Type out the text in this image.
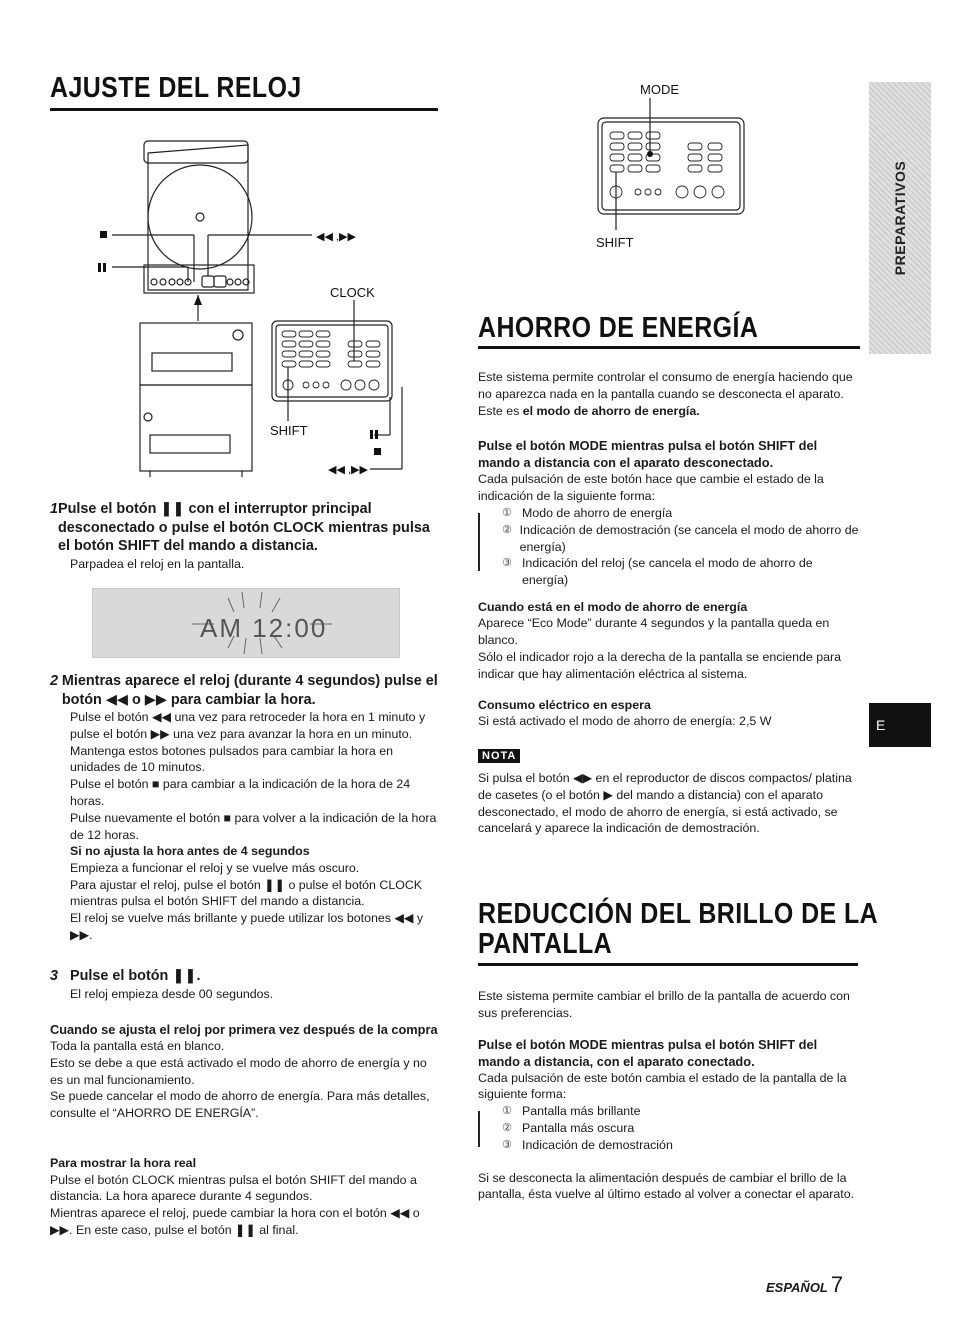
PREPARATIVOS
E
AJUSTE DEL RELOJ
◀◀ ,▶▶
CLOCK
SHIFT
◀◀ ,▶▶

1 Pulse el botón ❚❚ con el interruptor principal desconectado o pulse el botón CLOCK mientras pulsa el botón SHIFT del mando a distancia.

Parpadea el reloj en la pantalla.

AM 12:00

2 Mientras aparece el reloj (durante 4 segundos) pulse el botón ◀◀ o ▶▶ para cambiar la hora.

Pulse el botón ◀◀ una vez para retroceder la hora en 1 minuto y pulse el botón ▶▶ una vez para avanzar la hora en un minuto.

Mantenga estos botones pulsados para cambiar la hora en unidades de 10 minutos.

Pulse el botón ■ para cambiar a la indicación de la hora de 24 horas.

Pulse nuevamente el botón ■ para volver a la indicación de la hora de 12 horas.

Si no ajusta la hora antes de 4 segundos

Empieza a funcionar el reloj y se vuelve más oscuro.

Para ajustar el reloj, pulse el botón ❚❚ o pulse el botón CLOCK mientras pulsa el botón SHIFT del mando a distancia.

El reloj se vuelve más brillante y puede utilizar los botones ◀◀ y ▶▶.

3 Pulse el botón ❚❚.

El reloj empieza desde 00 segundos.

Cuando se ajusta el reloj por primera vez después de la compra

Toda la pantalla está en blanco.

Esto se debe a que está activado el modo de ahorro de energía y no es un mal funcionamiento.

Se puede cancelar el modo de ahorro de energía. Para más detalles, consulte el “AHORRO DE ENERGÍA”.

Para mostrar la hora real

Pulse el botón CLOCK mientras pulsa el botón SHIFT del mando a distancia. La hora aparece durante 4 segundos.

Mientras aparece el reloj, puede cambiar la hora con el botón ◀◀ o ▶▶. En este caso, pulse el botón ❚❚ al final.

MODE
SHIFT
AHORRO DE ENERGÍA

Este sistema permite controlar el consumo de energía haciendo que no aparezca nada en la pantalla cuando se desconecta el aparato. Este es el modo de ahorro de energía.

Pulse el botón MODE mientras pulsa el botón SHIFT del mando a distancia con el aparato desconectado.

Cada pulsación de este botón hace que cambie el estado de la indicación de la siguiente forma:

① Modo de ahorro de energía
② Indicación de demostración (se cancela el modo de ahorro de energía)
③ Indicación del reloj (se cancela el modo de ahorro de energía)

Cuando está en el modo de ahorro de energía

Aparece “Eco Mode” durante 4 segundos y la pantalla queda en blanco.

Sólo el indicador rojo a la derecha de la pantalla se enciende para indicar que hay alimentación eléctrica al sistema.

Consumo eléctrico en espera

Si está activado el modo de ahorro de energía: 2,5 W

NOTA

Si pulsa el botón ◀▶ en el reproductor de discos compactos/ platina de casetes (o el botón ▶ del mando a distancia) con el aparato desconectado, el modo de ahorro de energía, si está activado, se cancelará y aparece la indicación de demostración.

REDUCCIÓN DEL BRILLO DE LA
PANTALLA

Este sistema permite cambiar el brillo de la pantalla de acuerdo con sus preferencias.

Pulse el botón MODE mientras pulsa el botón SHIFT del mando a distancia, con el aparato conectado.

Cada pulsación de este botón cambia el estado de la pantalla de la siguiente forma:

① Pantalla más brillante
② Pantalla más oscura
③ Indicación de demostración

Si se desconecta la alimentación después de cambiar el brillo de la pantalla, ésta vuelve al último estado al volver a conectar el aparato.

ESPAÑOL 7
